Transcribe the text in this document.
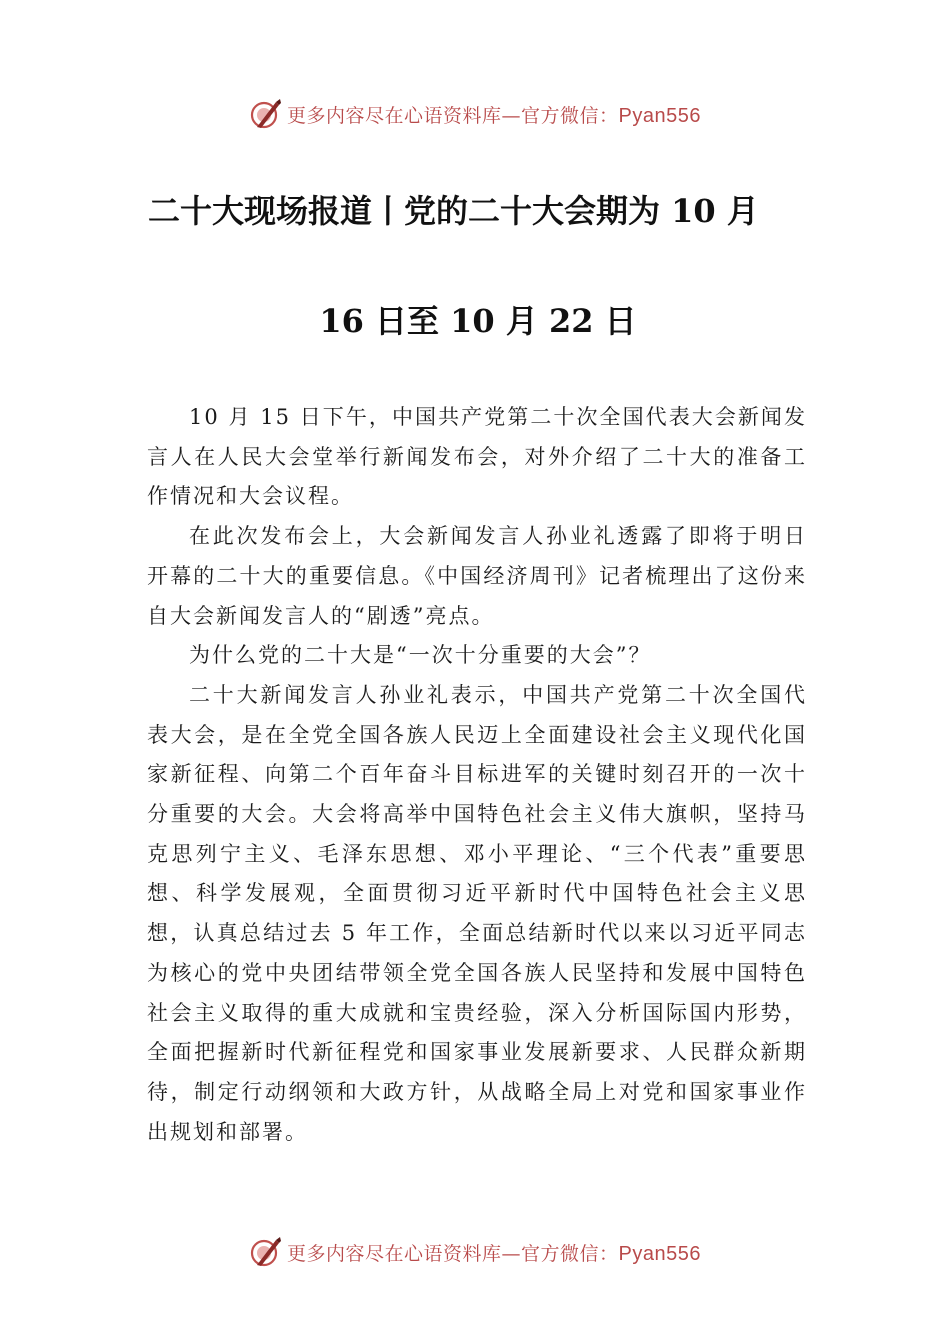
更多内容尽在心语资料库—官方微信：Pyan556
二十大现场报道丨党的二十大会期为 10 月
16 日至 10 月 22 日

10 月 15 日下午，中国共产党第二十次全国代表大会新闻发言人在人民大会堂举行新闻发布会，对外介绍了二十大的准备工作情况和大会议程。

在此次发布会上，大会新闻发言人孙业礼透露了即将于明日开幕的二十大的重要信息。《中国经济周刊》记者梳理出了这份来自大会新闻发言人的“剧透”亮点。

为什么党的二十大是“一次十分重要的大会”？

二十大新闻发言人孙业礼表示，中国共产党第二十次全国代表大会，是在全党全国各族人民迈上全面建设社会主义现代化国家新征程、向第二个百年奋斗目标进军的关键时刻召开的一次十分重要的大会。大会将高举中国特色社会主义伟大旗帜，坚持马克思列宁主义、毛泽东思想、邓小平理论、“三个代表”重要思想、科学发展观，全面贯彻习近平新时代中国特色社会主义思想，认真总结过去 5 年工作，全面总结新时代以来以习近平同志为核心的党中央团结带领全党全国各族人民坚持和发展中国特色社会主义取得的重大成就和宝贵经验，深入分析国际国内形势，全面把握新时代新征程党和国家事业发展新要求、人民群众新期待，制定行动纲领和大政方针，从战略全局上对党和国家事业作出规划和部署。

更多内容尽在心语资料库—官方微信：Pyan556
